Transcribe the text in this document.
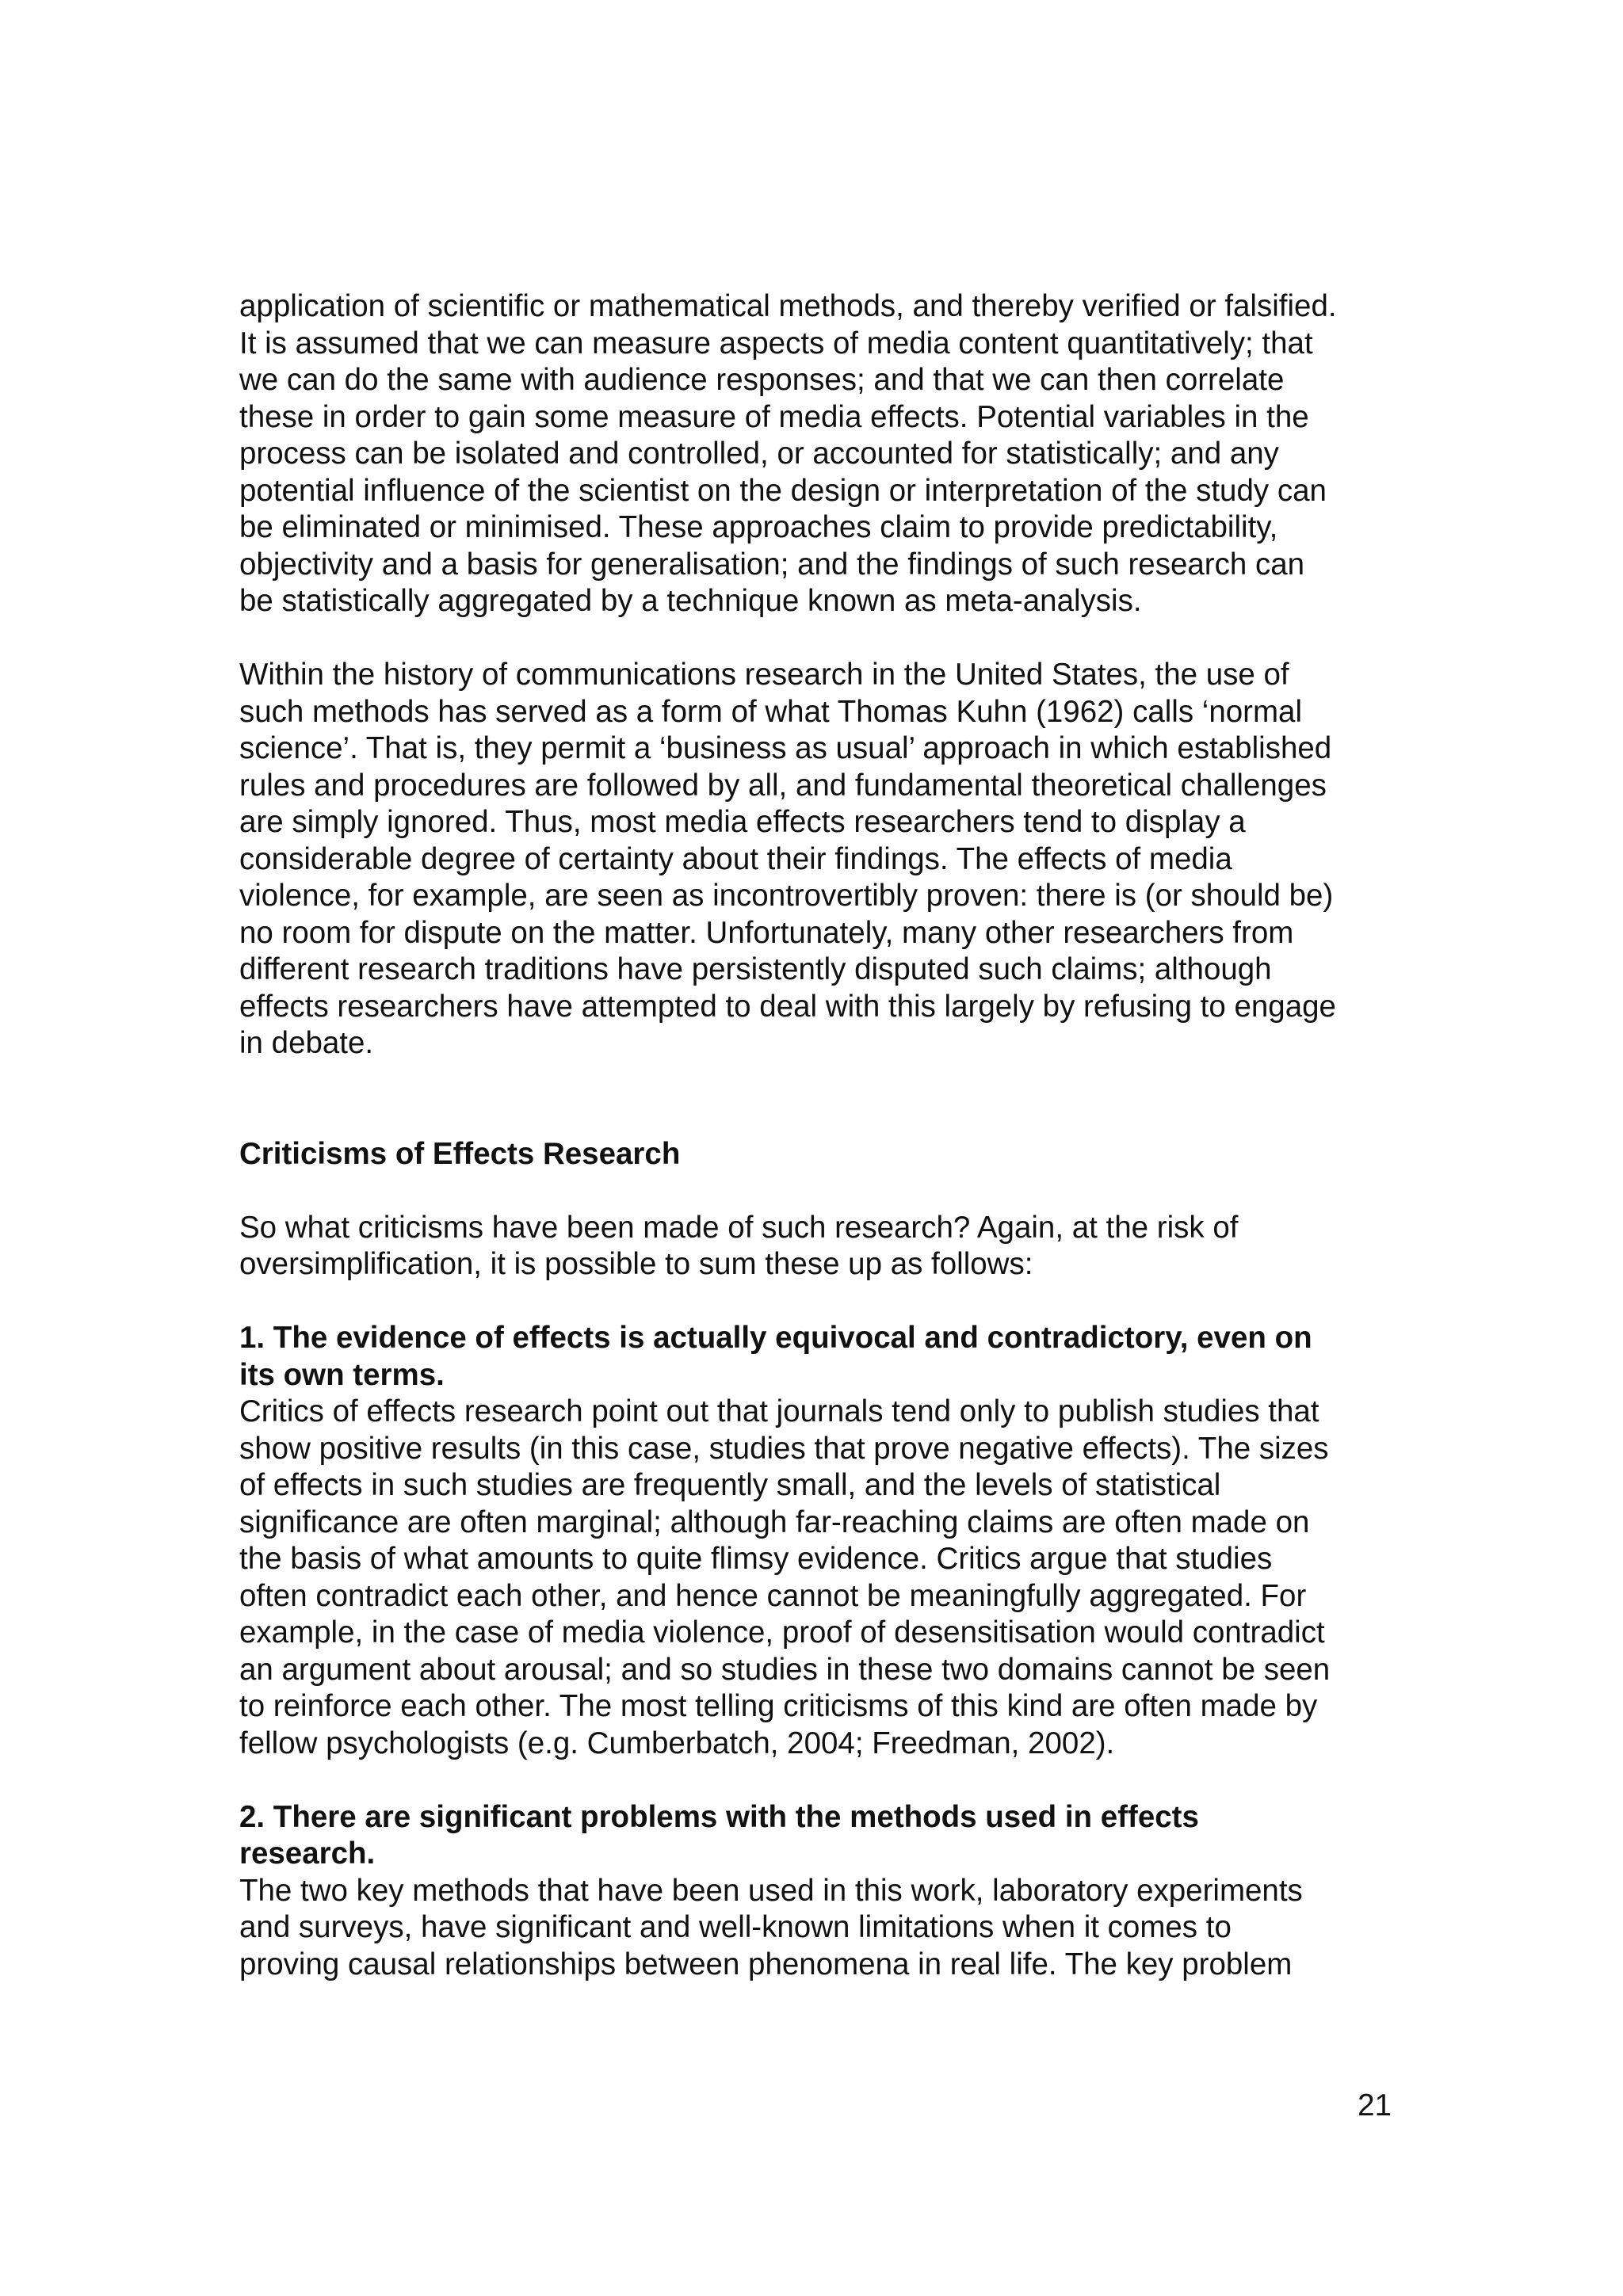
application of scientific or mathematical methods, and thereby verified or falsified.
It is assumed that we can measure aspects of media content quantitatively; that
we can do the same with audience responses; and that we can then correlate
these in order to gain some measure of media effects. Potential variables in the
process can be isolated and controlled, or accounted for statistically; and any
potential influence of the scientist on the design or interpretation of the study can
be eliminated or minimised. These approaches claim to provide predictability,
objectivity and a basis for generalisation; and the findings of such research can
be statistically aggregated by a technique known as meta-analysis.

Within the history of communications research in the United States, the use of
such methods has served as a form of what Thomas Kuhn (1962) calls ‘normal
science’. That is, they permit a ‘business as usual’ approach in which established
rules and procedures are followed by all, and fundamental theoretical challenges
are simply ignored. Thus, most media effects researchers tend to display a
considerable degree of certainty about their findings. The effects of media
violence, for example, are seen as incontrovertibly proven: there is (or should be)
no room for dispute on the matter. Unfortunately, many other researchers from
different research traditions have persistently disputed such claims; although
effects researchers have attempted to deal with this largely by refusing to engage
in debate.

Criticisms of Effects Research

So what criticisms have been made of such research? Again, at the risk of
oversimplification, it is possible to sum these up as follows:

1. The evidence of effects is actually equivocal and contradictory, even on
its own terms.

Critics of effects research point out that journals tend only to publish studies that
show positive results (in this case, studies that prove negative effects). The sizes
of effects in such studies are frequently small, and the levels of statistical
significance are often marginal; although far-reaching claims are often made on
the basis of what amounts to quite flimsy evidence. Critics argue that studies
often contradict each other, and hence cannot be meaningfully aggregated. For
example, in the case of media violence, proof of desensitisation would contradict
an argument about arousal; and so studies in these two domains cannot be seen
to reinforce each other. The most telling criticisms of this kind are often made by
fellow psychologists (e.g. Cumberbatch, 2004; Freedman, 2002).

2. There are significant problems with the methods used in effects
research.

The two key methods that have been used in this work, laboratory experiments
and surveys, have significant and well-known limitations when it comes to
proving causal relationships between phenomena in real life. The key problem

21
